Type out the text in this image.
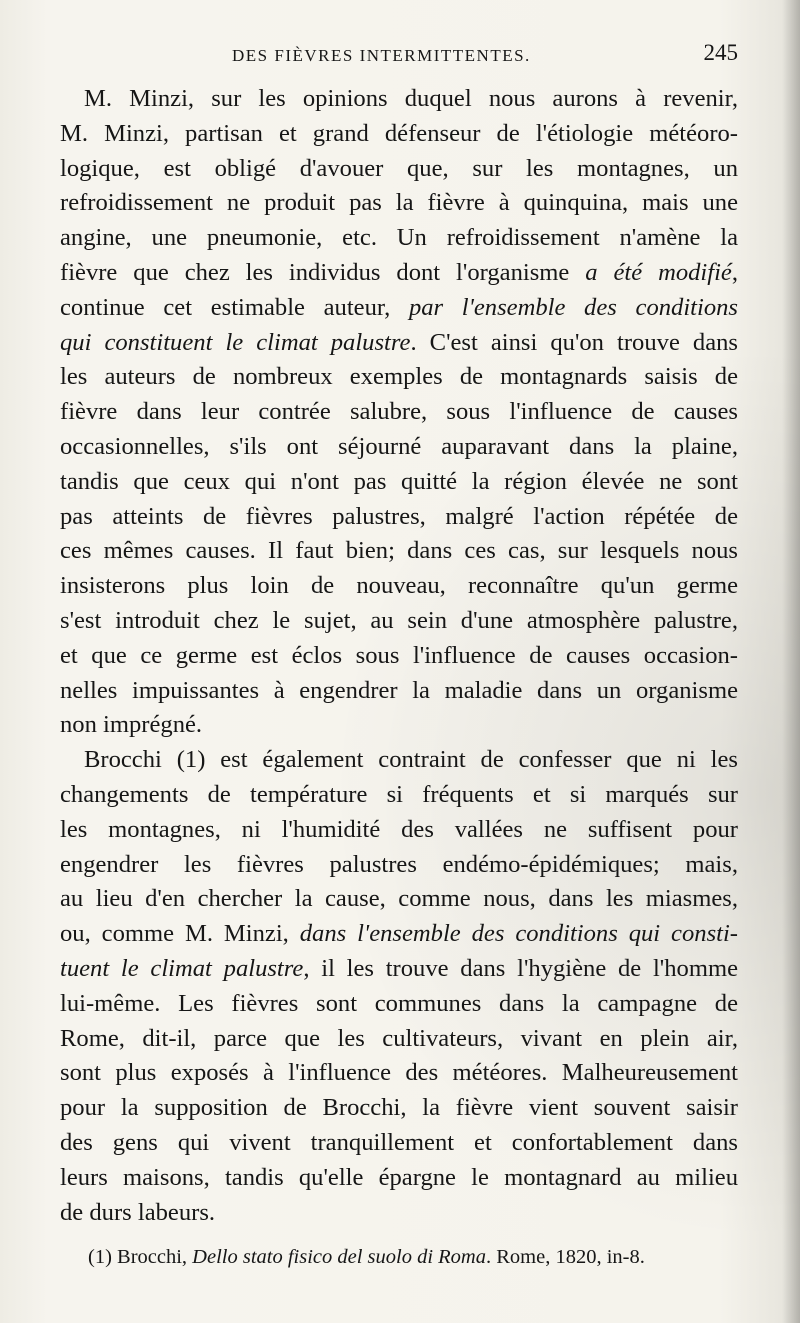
DES FIÈVRES INTERMITTENTES.	245
M. Minzi, sur les opinions duquel nous aurons à revenir,
M. Minzi, partisan et grand défenseur de l'étiologie météoro-
logique, est obligé d'avouer que, sur les montagnes, un
refroidissement ne produit pas la fièvre à quinquina, mais une
angine, une pneumonie, etc. Un refroidissement n'amène la
fièvre que chez les individus dont l'organisme a été modifié,
continue cet estimable auteur, par l'ensemble des conditions
qui constituent le climat palustre. C'est ainsi qu'on trouve dans
les auteurs de nombreux exemples de montagnards saisis de
fièvre dans leur contrée salubre, sous l'influence de causes
occasionnelles, s'ils ont séjourné auparavant dans la plaine,
tandis que ceux qui n'ont pas quitté la région élevée ne sont
pas atteints de fièvres palustres, malgré l'action répétée de
ces mêmes causes. Il faut bien; dans ces cas, sur lesquels nous
insisterons plus loin de nouveau, reconnaître qu'un germe
s'est introduit chez le sujet, au sein d'une atmosphère palustre,
et que ce germe est éclos sous l'influence de causes occasion-
nelles impuissantes à engendrer la maladie dans un organisme
non imprégné.
Brocchi (1) est également contraint de confesser que ni les
changements de température si fréquents et si marqués sur
les montagnes, ni l'humidité des vallées ne suffisent pour
engendrer les fièvres palustres endémo-épidémiques; mais,
au lieu d'en chercher la cause, comme nous, dans les miasmes,
ou, comme M. Minzi, dans l'ensemble des conditions qui consti-
tuent le climat palustre, il les trouve dans l'hygiène de l'homme
lui-même. Les fièvres sont communes dans la campagne de
Rome, dit-il, parce que les cultivateurs, vivant en plein air,
sont plus exposés à l'influence des météores. Malheureusement
pour la supposition de Brocchi, la fièvre vient souvent saisir
des gens qui vivent tranquillement et confortablement dans
leurs maisons, tandis qu'elle épargne le montagnard au milieu
de durs labeurs.
(1) Brocchi, Dello stato fisico del suolo di Roma. Rome, 1820, in-8.
